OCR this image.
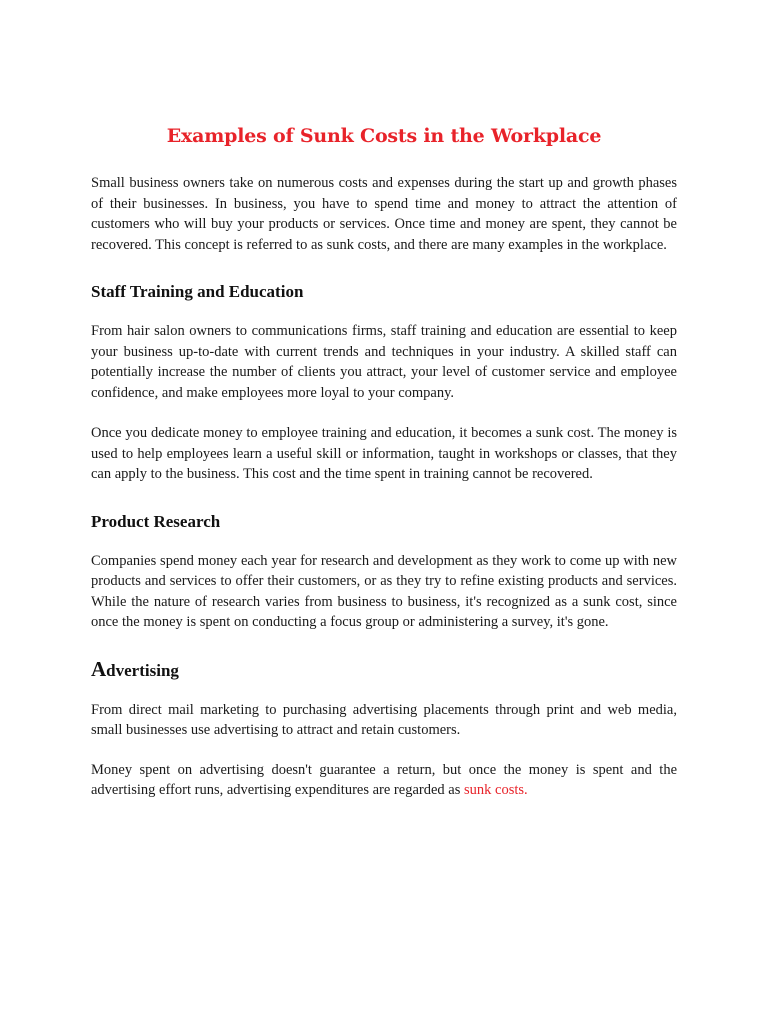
Examples of Sunk Costs in the Workplace

Small business owners take on numerous costs and expenses during the start up and growth phases of their businesses. In business, you have to spend time and money to attract the attention of customers who will buy your products or services. Once time and money are spent, they cannot be recovered. This concept is referred to as sunk costs, and there are many examples in the workplace.

Staff Training and Education

From hair salon owners to communications firms, staff training and education are essential to keep your business up-to-date with current trends and techniques in your industry. A skilled staff can potentially increase the number of clients you attract, your level of customer service and employee confidence, and make employees more loyal to your company.

Once you dedicate money to employee training and education, it becomes a sunk cost. The money is used to help employees learn a useful skill or information, taught in workshops or classes, that they can apply to the business. This cost and the time spent in training cannot be recovered.

Product Research

Companies spend money each year for research and development as they work to come up with new products and services to offer their customers, or as they try to refine existing products and services. While the nature of research varies from business to business, it's recognized as a sunk cost, since once the money is spent on conducting a focus group or administering a survey, it's gone.

Advertising

From direct mail marketing to purchasing advertising placements through print and web media, small businesses use advertising to attract and retain customers.

Money spent on advertising doesn't guarantee a return, but once the money is spent and the advertising effort runs, advertising expenditures are regarded as sunk costs.
